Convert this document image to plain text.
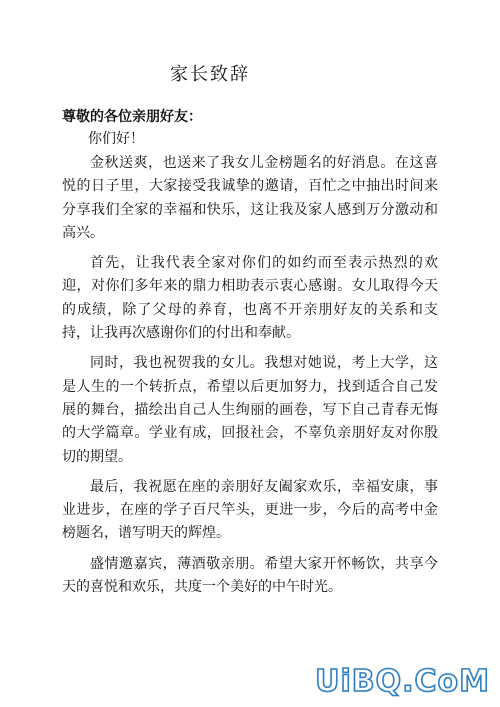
家长致辞
尊敬的各位亲朋好友：
你们好！

金秋送爽，也送来了我女儿金榜题名的好消息。在这喜悦的日子里，大家接受我诚挚的邀请，百忙之中抽出时间来分享我们全家的幸福和快乐，这让我及家人感到万分激动和高兴。

首先，让我代表全家对你们的如约而至表示热烈的欢迎，对你们多年来的鼎力相助表示衷心感谢。女儿取得今天的成绩，除了父母的养育，也离不开亲朋好友的关系和支持，让我再次感谢你们的付出和奉献。

同时，我也祝贺我的女儿。我想对她说，考上大学，这是人生的一个转折点，希望以后更加努力，找到适合自己发展的舞台，描绘出自己人生绚丽的画卷，写下自己青春无悔的大学篇章。学业有成，回报社会，不辜负亲朋好友对你殷切的期望。

最后，我祝愿在座的亲朋好友阖家欢乐，幸福安康，事业进步，在座的学子百尺竿头，更进一步，今后的高考中金榜题名，谱写明天的辉煌。

盛情邀嘉宾，薄酒敬亲朋。希望大家开怀畅饮，共享今天的喜悦和欢乐，共度一个美好的中午时光。

UiBQ.CoM
